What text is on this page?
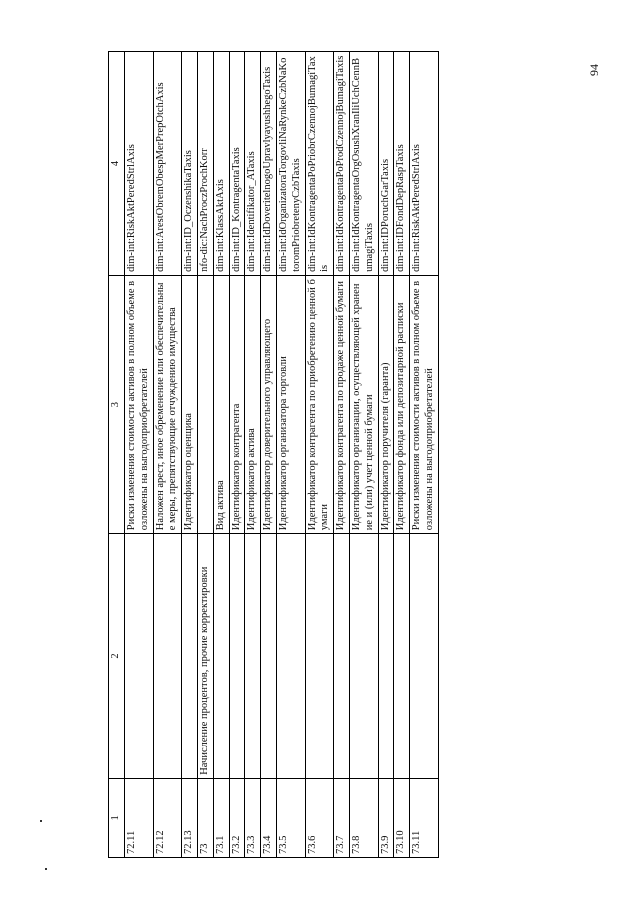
1	2	3	4
72.11		Риски изменения стоимости активов в полном объеме возложены на выгодоприобретателей	dim-int:RiskAktPeredStrlAxis
72.12		Наложен арест, иное обременение или обеспечительные меры, препятствующие отчуждению имущества	dim-int:ArestObremObespMerPrepOtchAxis
72.13		Идентификатор оценщика	dim-int:ID_OczenshikaTaxis
73	Начисление процентов, прочие корректировки		nfo-dic:NachProczProchKorr
73.1		Вид актива	dim-int:KlassAktAxis
73.2		Идентификатор контрагента	dim-int:ID_KontragentaTaxis
73.3		Идентификатор актива	dim-int:Identifikator_ATaxis
73.4		Идентификатор доверительного управляющего	dim-int:IdDoveritelnogoUpravlyayushhegoTaxis
73.5		Идентификатор организатора торговли	dim-int:IdOrganizatoraTorgovliNaRynkeCzbNaKotoromPriobretenyCzbTaxis
73.6		Идентификатор контрагента по приобретению ценной бумаги	dim-int:IdKontragentaPoPriobrCzennojBumagiTaxis
73.7		Идентификатор контрагента по продаже ценной бумаги	dim-int:IdKontragentaPoProdCzennojBumagiTaxis
73.8		Идентификатор организации, осуществляющей хранение и (или) учет ценной бумаги	dim-int:IdKontragentaOrgOsushXranIliUchCennBumagiTaxis
73.9		Идентификатор поручителя (гаранта)	dim-int:IDPoruchGarTaxis
73.10		Идентификатор фонда или депозитарной расписки	dim-int:IDFondDepRaspTaxis
73.11		Риски изменения стоимости активов в полном объеме возложены на выгодоприобретателей	dim-int:RiskAktPeredStrlAxis
94
